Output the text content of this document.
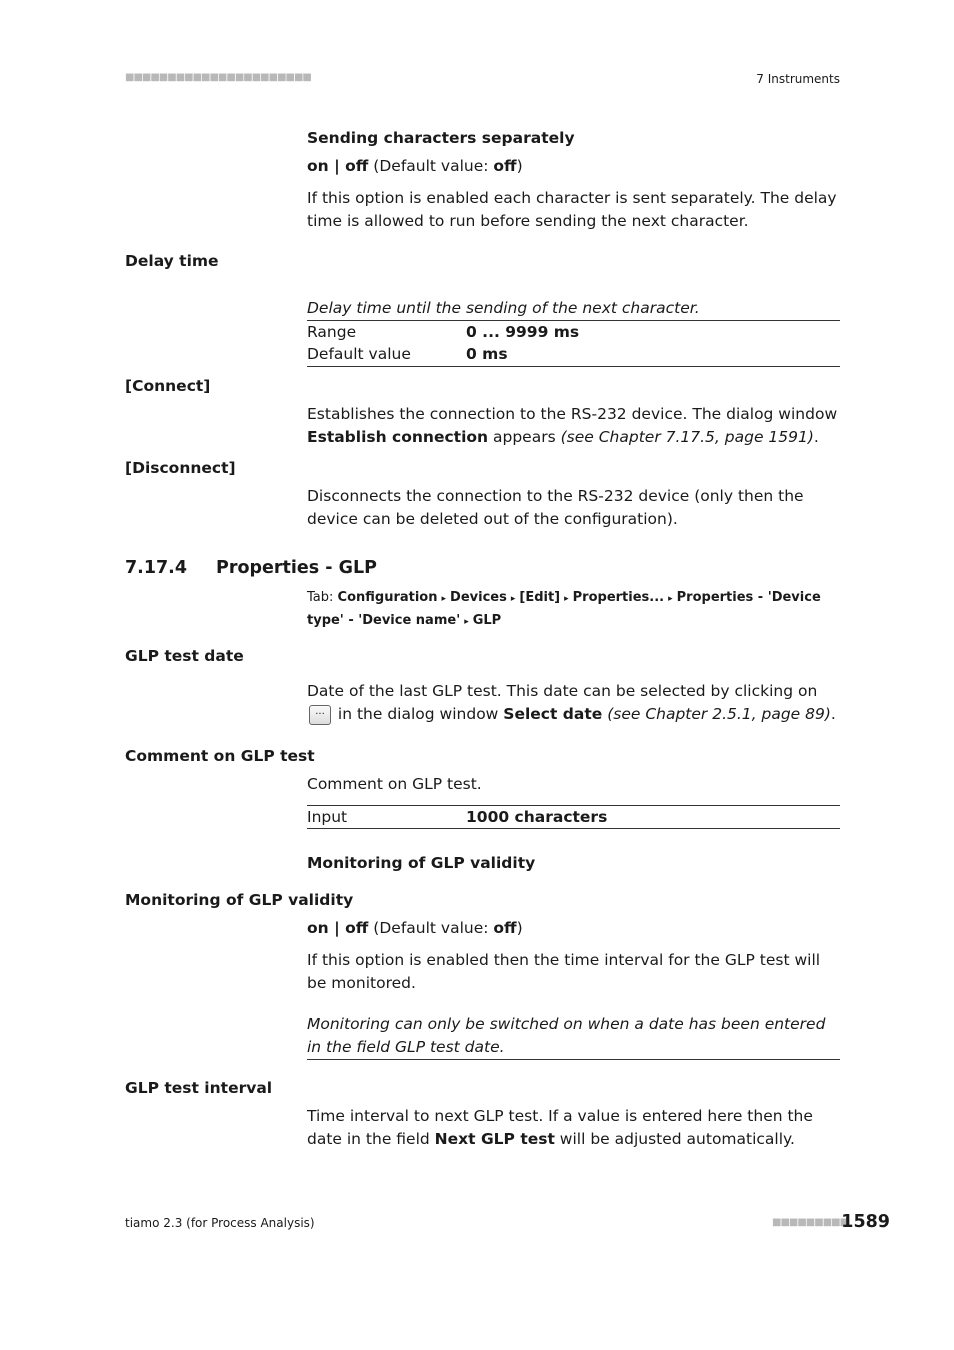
■■■■■■■■■■■■■■■■■■■■■■	7 Instruments
Sending characters separately
on | off (Default value: off)
If this option is enabled each character is sent separately. The delay time is allowed to run before sending the next character.
Delay time
Delay time until the sending of the next character.
Range	0 ... 9999 ms
Default value	0 ms
[Connect]
Establishes the connection to the RS-232 device. The dialog window Establish connection appears (see Chapter 7.17.5, page 1591).
[Disconnect]
Disconnects the connection to the RS-232 device (only then the device can be deleted out of the configuration).
7.17.4 Properties - GLP
Tab: Configuration ▸ Devices ▸ [Edit] ▸ Properties... ▸ Properties - 'Device type' - 'Device name' ▸ GLP
GLP test date
Date of the last GLP test. This date can be selected by clicking on ... in the dialog window Select date (see Chapter 2.5.1, page 89).
Comment on GLP test
Comment on GLP test.
Input	1000 characters
Monitoring of GLP validity
Monitoring of GLP validity
on | off (Default value: off)
If this option is enabled then the time interval for the GLP test will be monitored.
Monitoring can only be switched on when a date has been entered in the field GLP test date.
GLP test interval
Time interval to next GLP test. If a value is entered here then the date in the field Next GLP test will be adjusted automatically.
tiamo 2.3 (for Process Analysis)	■■■■■■■■■
1589
